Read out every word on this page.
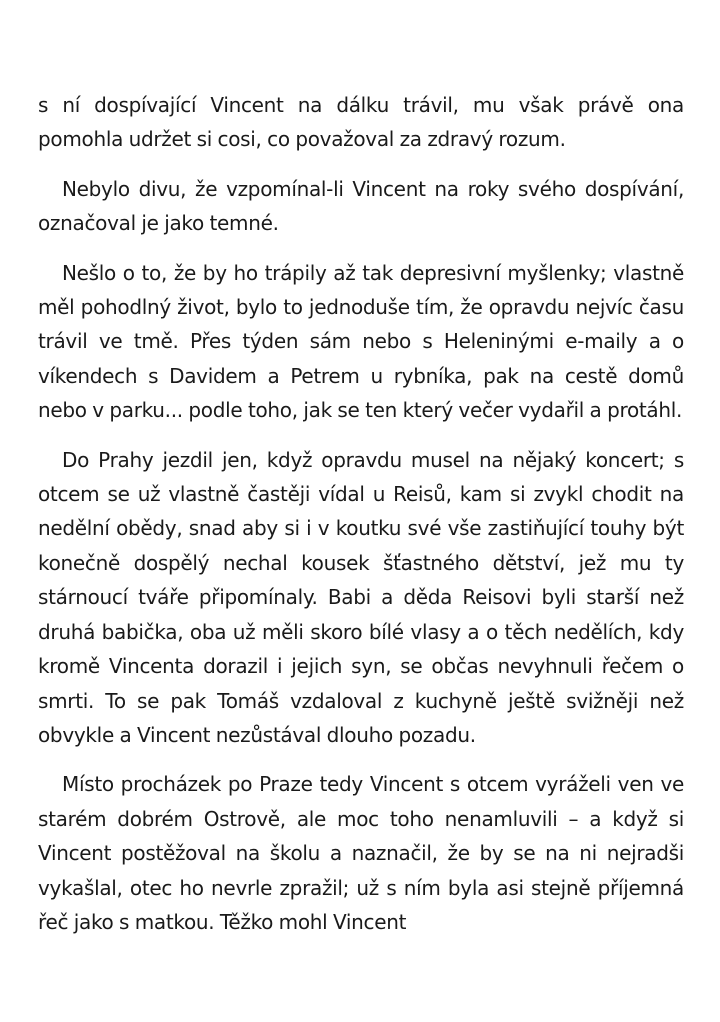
s ní dospívající Vincent na dálku trávil, mu však právě ona pomohla udržet si cosi, co považoval za zdravý rozum.

Nebylo divu, že vzpomínal-li Vincent na roky svého dospívání, označoval je jako temné.

Nešlo o to, že by ho trápily až tak depresivní myšlenky; vlastně měl pohodlný život, bylo to jednoduše tím, že opravdu nejvíc času trávil ve tmě. Přes týden sám nebo s Heleninými e-maily a o víkendech s Davidem a Petrem u rybníka, pak na cestě domů nebo v parku... podle toho, jak se ten který večer vydařil a protáhl.

Do Prahy jezdil jen, když opravdu musel na nějaký koncert; s otcem se už vlastně častěji vídal u Reisů, kam si zvykl chodit na nedělní obědy, snad aby si i v koutku své vše zastiňující touhy být konečně dospělý nechal kousek šťastného dětství, jež mu ty stárnoucí tváře připomínaly. Babi a děda Reisovi byli starší než druhá babička, oba už měli skoro bílé vlasy a o těch nedělích, kdy kromě Vincenta dorazil i jejich syn, se občas nevyhnuli řečem o smrti. To se pak Tomáš vzdaloval z kuchyně ještě svižněji než obvykle a Vincent nezůstával dlouho pozadu.

Místo procházek po Praze tedy Vincent s otcem vyráželi ven ve starém dobrém Ostrově, ale moc toho nenamluvili – a když si Vincent postěžoval na školu a naznačil, že by se na ni nejradši vykašlal, otec ho nevrle zpražil; už s ním byla asi stejně příjemná řeč jako s matkou. Těžko mohl Vincent
